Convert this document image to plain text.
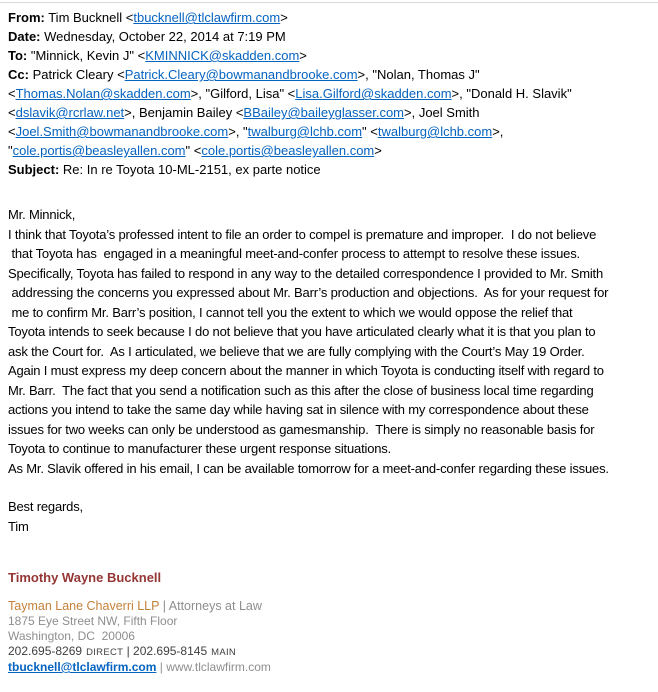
From: Tim Bucknell <tbucknell@tlclawfirm.com>
Date: Wednesday, October 22, 2014 at 7:19 PM
To: "Minnick, Kevin J" <KMINNICK@skadden.com>
Cc: Patrick Cleary <Patrick.Cleary@bowmanandbrooke.com>, "Nolan, Thomas J" <Thomas.Nolan@skadden.com>, "Gilford, Lisa" <Lisa.Gilford@skadden.com>, "Donald H. Slavik" <dslavik@rcrlaw.net>, Benjamin Bailey <BBailey@baileyglasser.com>, Joel Smith <Joel.Smith@bowmanandbrooke.com>, "twalburg@lchb.com" <twalburg@lchb.com>, "cole.portis@beasleyallen.com" <cole.portis@beasleyallen.com>
Subject: Re: In re Toyota 10-ML-2151, ex parte notice
Mr. Minnick,
I think that Toyota’s professed intent to file an order to compel is premature and improper.  I do not believe
that Toyota has  engaged in a meaningful meet-and-confer process to attempt to resolve these issues.
Specifically, Toyota has failed to respond in any way to the detailed correspondence I provided to Mr. Smith
addressing the concerns you expressed about Mr. Barr’s production and objections.  As for your request for
me to confirm Mr. Barr’s position, I cannot tell you the extent to which we would oppose the relief that
Toyota intends to seek because I do not believe that you have articulated clearly what it is that you plan to
ask the Court for.  As I articulated, we believe that we are fully complying with the Court’s May 19 Order.
Again I must express my deep concern about the manner in which Toyota is conducting itself with regard to
Mr. Barr.  The fact that you send a notification such as this after the close of business local time regarding
actions you intend to take the same day while having sat in silence with my correspondence about these
issues for two weeks can only be understood as gamesmanship.  There is simply no reasonable basis for
Toyota to continue to manufacturer these urgent response situations.
As Mr. Slavik offered in his email, I can be available tomorrow for a meet-and-confer regarding these issues.
Best regards,
Tim
Timothy Wayne Bucknell
Tayman Lane Chaverri LLP | Attorneys at Law
1875 Eye Street NW, Fifth Floor
Washington, DC  20006
202.695-8269 DIRECT | 202.695-8145 MAIN
tbucknell@tlclawfirm.com | www.tlclawfirm.com
